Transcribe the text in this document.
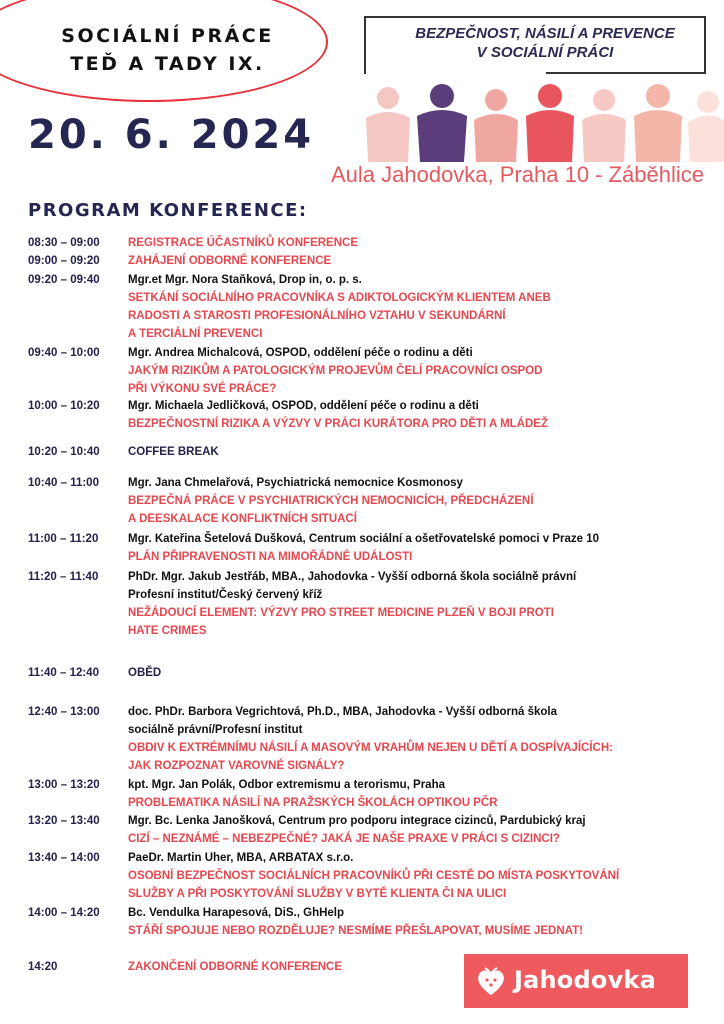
SOCIÁLNÍ PRÁCE
TEĎ A TADY IX.
BEZPEČNOST, NÁSILÍ A PREVENCE
V SOCIÁLNÍ PRÁCI
20. 6. 2024
Aula Jahodovka, Praha 10 - Záběhlice
PROGRAM KONFERENCE:
08:30 – 09:00	REGISTRACE ÚČASTNÍKŮ KONFERENCE
09:00 – 09:20	ZAHÁJENÍ ODBORNÉ KONFERENCE
09:20 – 09:40	Mgr.et Mgr. Nora Staňková, Drop in, o. p. s.
SETKÁNÍ SOCIÁLNÍHO PRACOVNÍKA S ADIKTOLOGICKÝM KLIENTEM ANEB
RADOSTI A STAROSTI PROFESIONÁLNÍHO VZTAHU V SEKUNDÁRNÍ
A TERCIÁLNÍ PREVENCI
09:40 – 10:00	Mgr. Andrea Michalcová, OSPOD, oddělení péče o rodinu a děti
JAKÝM RIZIKŮM A PATOLOGICKÝM PROJEVŮM ČELÍ PRACOVNÍCI OSPOD
PŘI VÝKONU SVÉ PRÁCE?
10:00 – 10:20	Mgr. Michaela Jedličková, OSPOD, oddělení péče o rodinu a děti
BEZPEČNOSTNÍ RIZIKA A VÝZVY V PRÁCI KURÁTORA PRO DĚTI A MLÁDEŽ
10:20 – 10:40	COFFEE BREAK
10:40 – 11:00	Mgr. Jana Chmelařová, Psychiatrická nemocnice Kosmonosy
BEZPEČNÁ PRÁCE V PSYCHIATRICKÝCH NEMOCNICÍCH, PŘEDCHÁZENÍ
A DEESKALACE KONFLIKTNÍCH SITUACÍ
11:00 – 11:20	Mgr. Kateřina Šetelová Dušková, Centrum sociální a ošetřovatelské pomoci v Praze 10
PLÁN PŘIPRAVENOSTI NA MIMOŘÁDNÉ UDÁLOSTI
11:20 – 11:40	PhDr. Mgr. Jakub Jestřáb, MBA., Jahodovka - Vyšší odborná škola sociálně právní
Profesní institut/Český červený kříž
NEŽÁDOUCÍ ELEMENT: VÝZVY PRO STREET MEDICINE PLZEŇ V BOJI PROTI
HATE CRIMES
11:40 – 12:40	OBĚD
12:40 – 13:00	doc. PhDr. Barbora Vegrichtová, Ph.D., MBA, Jahodovka - Vyšší odborná škola
sociálně právní/Profesní institut
OBDIV K EXTRÉMNÍMU NÁSILÍ A MASOVÝM VRAHŮM NEJEN U DĚTÍ A DOSPÍVAJÍCÍCH:
JAK ROZPOZNAT VAROVNÉ SIGNÁLY?
13:00 – 13:20	kpt. Mgr. Jan Polák, Odbor extremismu a terorismu, Praha
PROBLEMATIKA NÁSILÍ NA PRAŽSKÝCH ŠKOLÁCH OPTIKOU PČR
13:20 – 13:40	Mgr. Bc. Lenka Janošková, Centrum pro podporu integrace cizinců, Pardubický kraj
CIZÍ – NEZNÁMÉ – NEBEZPEČNÉ? JAKÁ JE NAŠE PRAXE V PRÁCI S CIZINCI?
13:40 – 14:00	PaeDr. Martin Uher, MBA, ARBATAX s.r.o.
OSOBNÍ BEZPEČNOST SOCIÁLNÍCH PRACOVNÍKŮ PŘI CESTĚ DO MÍSTA POSKYTOVÁNÍ
SLUŽBY A PŘI POSKYTOVÁNÍ SLUŽBY V BYTĚ KLIENTA ČI NA ULICI
14:00 – 14:20	Bc. Vendulka Harapesová, DiS., GhHelp
STÁŘÍ SPOJUJE NEBO ROZDĚLUJE? NESMÍME PŘEŠLAPOVAT, MUSÍME JEDNAT!
14:20	ZAKONČENÍ ODBORNÉ KONFERENCE	Jahodovka
